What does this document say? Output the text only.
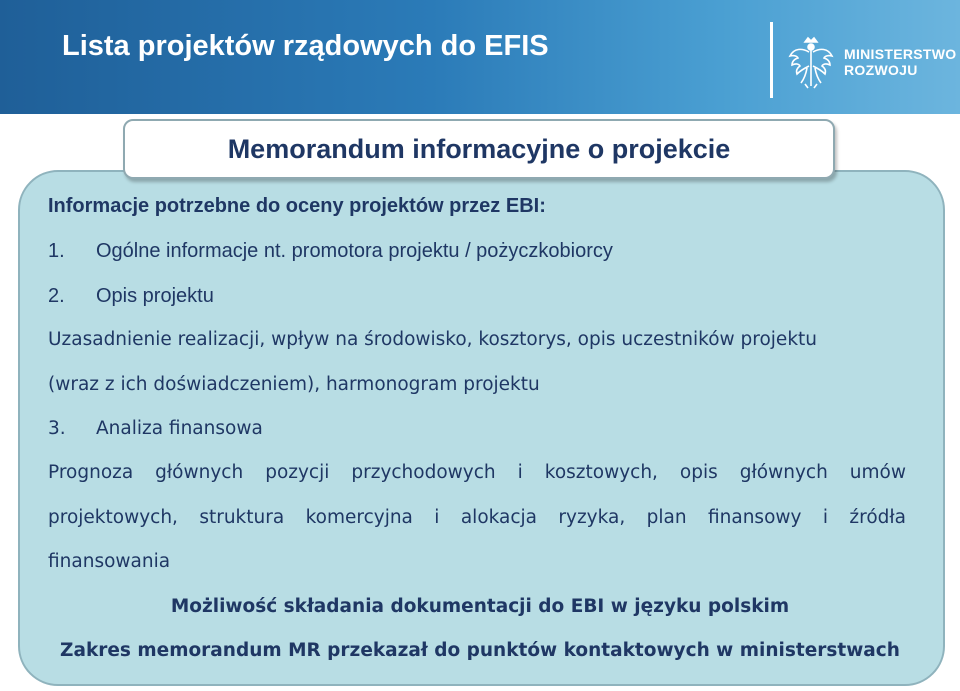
Lista projektów rządowych do EFIS	MINISTERSTWO
ROZWOJU
Memorandum informacyjne o projekcie
Informacje potrzebne do oceny projektów przez EBI:
1. Ogólne informacje nt. promotora projektu / pożyczkobiorcy
2. Opis projektu
Uzasadnienie realizacji, wpływ na środowisko, kosztorys, opis uczestników projektu
(wraz z ich doświadczeniem), harmonogram projektu
3. Analiza finansowa
Prognoza głównych pozycji przychodowych i kosztowych, opis głównych umów
projektowych, struktura komercyjna i alokacja ryzyka, plan finansowy i źródła
finansowania
Możliwość składania dokumentacji do EBI w języku polskim
Zakres memorandum MR przekazał do punktów kontaktowych w ministerstwach
